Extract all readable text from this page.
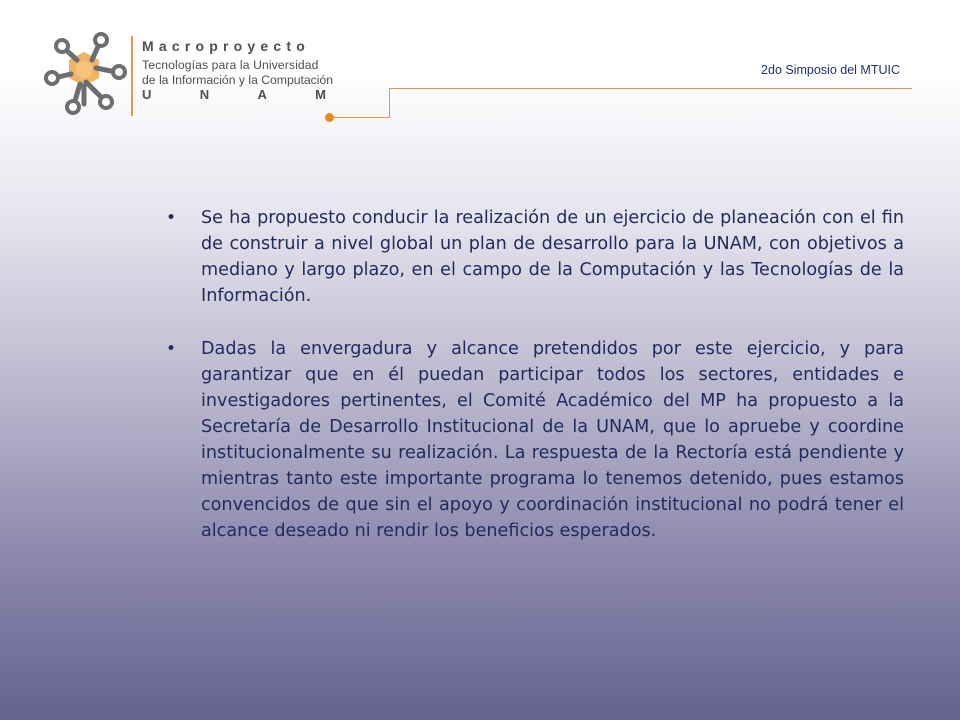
Macroproyecto
Tecnologías para la Universidad
de la Información y la Computación
U	N	A	M
2do Simposio del MTUIC
•	Se ha propuesto conducir la realización de un ejercicio de planeación con el fin de construir a nivel global un plan de desarrollo para la UNAM, con objetivos a mediano y largo plazo, en el campo de la Computación y las Tecnologías de la Información.
•	Dadas la envergadura y alcance pretendidos por este ejercicio, y para garantizar que en él puedan participar todos los sectores, entidades e investigadores pertinentes, el Comité Académico del MP ha propuesto a la Secretaría de Desarrollo Institucional de la UNAM, que lo apruebe y coordine institucionalmente su realización. La respuesta de la Rectoría está pendiente y mientras tanto este importante programa lo tenemos detenido, pues estamos convencidos de que sin el apoyo y coordinación institucional no podrá tener el alcance deseado ni rendir los beneficios esperados.
